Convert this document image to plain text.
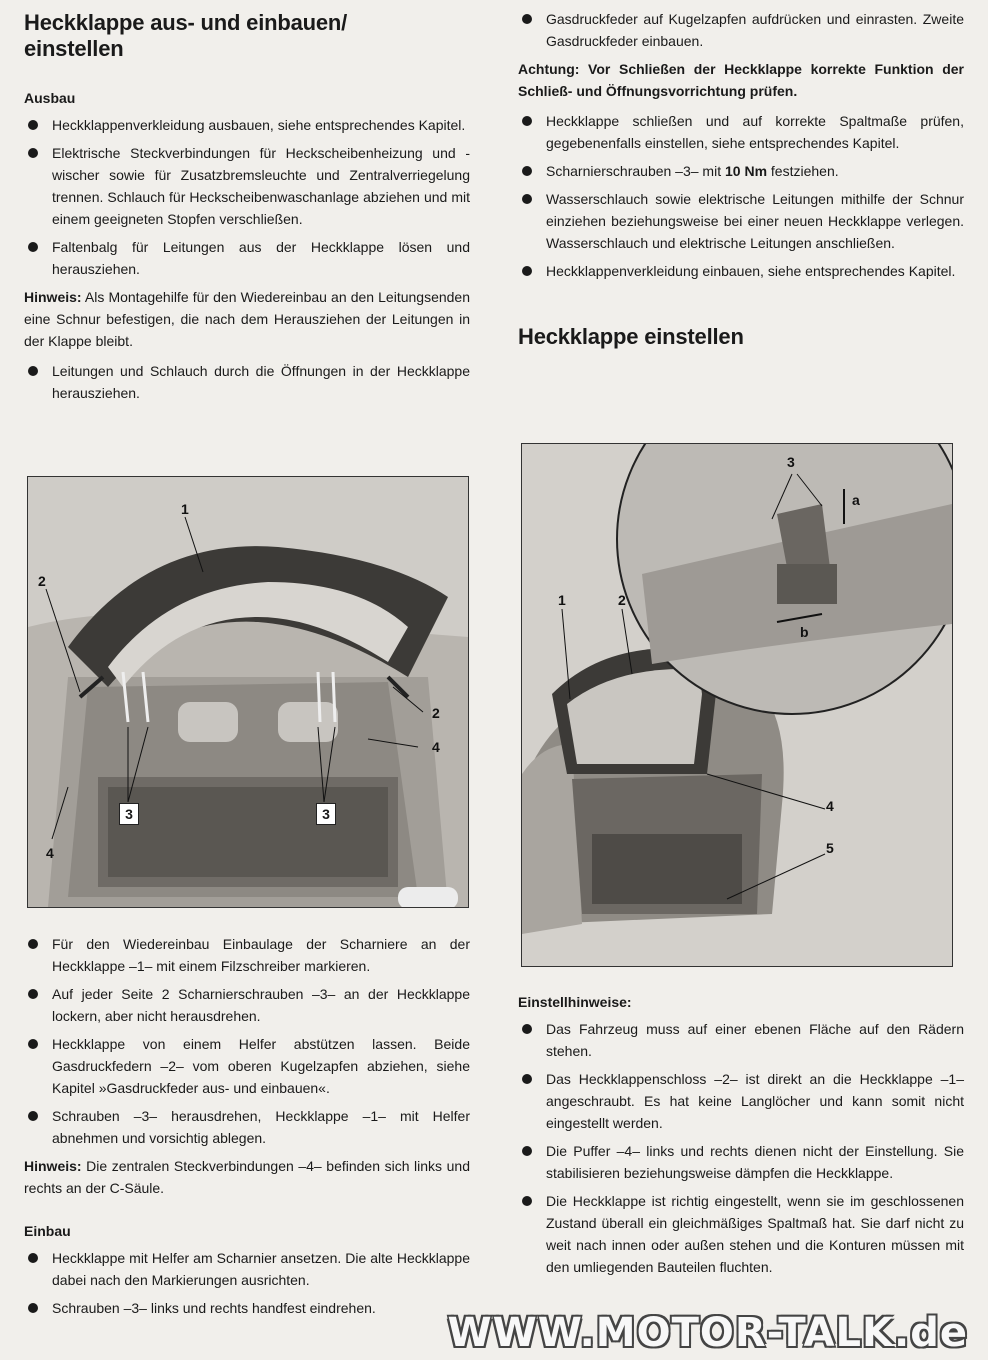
Heckklappe aus- und einbauen/
einstellen
Ausbau
Heckklappenverkleidung ausbauen, siehe entsprechendes Kapitel.
Elektrische Steckverbindungen für Heckscheibenheizung und -wischer sowie für Zusatzbremsleuchte und Zentralverriegelung trennen. Schlauch für Heckscheibenwaschanlage abziehen und mit einem geeigneten Stopfen verschließen.
Faltenbalg für Leitungen aus der Heckklappe lösen und herausziehen.

Hinweis: Als Montagehilfe für den Wiedereinbau an den Leitungsenden eine Schnur befestigen, die nach dem Herausziehen der Leitungen in der Klappe bleibt.

Leitungen und Schlauch durch die Öffnungen in der Heckklappe herausziehen.
1
2
2
4
4
3	3
Für den Wiedereinbau Einbaulage der Scharniere an der Heckklappe –1– mit einem Filzschreiber markieren.
Auf jeder Seite 2 Scharnierschrauben –3– an der Heckklappe lockern, aber nicht herausdrehen.
Heckklappe von einem Helfer abstützen lassen. Beide Gasdruckfedern –2– vom oberen Kugelzapfen abziehen, siehe Kapitel »Gasdruckfeder aus- und einbauen«.
Schrauben –3– herausdrehen, Heckklappe –1– mit Helfer abnehmen und vorsichtig ablegen.

Hinweis: Die zentralen Steckverbindungen –4– befinden sich links und rechts an der C-Säule.

Einbau
Heckklappe mit Helfer am Scharnier ansetzen. Die alte Heckklappe dabei nach den Markierungen ausrichten.
Schrauben –3– links und rechts handfest eindrehen.
Gasdruckfeder auf Kugelzapfen aufdrücken und einrasten. Zweite Gasdruckfeder einbauen.

Achtung: Vor Schließen der Heckklappe korrekte Funktion der Schließ- und Öffnungsvorrichtung prüfen.

Heckklappe schließen und auf korrekte Spaltmaße prüfen, gegebenenfalls einstellen, siehe entsprechendes Kapitel.
Scharnierschrauben –3– mit 10 Nm festziehen.
Wasserschlauch sowie elektrische Leitungen mithilfe der Schnur einziehen beziehungsweise bei einer neuen Heckklappe verlegen. Wasserschlauch und elektrische Leitungen anschließen.
Heckklappenverkleidung einbauen, siehe entsprechendes Kapitel.
Heckklappe einstellen
3
a
b
1	2
4
5
Einstellhinweise:
Das Fahrzeug muss auf einer ebenen Fläche auf den Rädern stehen.
Das Heckklappenschloss –2– ist direkt an die Heckklappe –1– angeschraubt. Es hat keine Langlöcher und kann somit nicht eingestellt werden.
Die Puffer –4– links und rechts dienen nicht der Einstellung. Sie stabilisieren beziehungsweise dämpfen die Heckklappe.
Die Heckklappe ist richtig eingestellt, wenn sie im geschlossenen Zustand überall ein gleichmäßiges Spaltmaß hat. Sie darf nicht zu weit nach innen oder außen stehen und die Konturen müssen mit den umliegenden Bauteilen fluchten.
WWW.MOTOR-TALK.de
